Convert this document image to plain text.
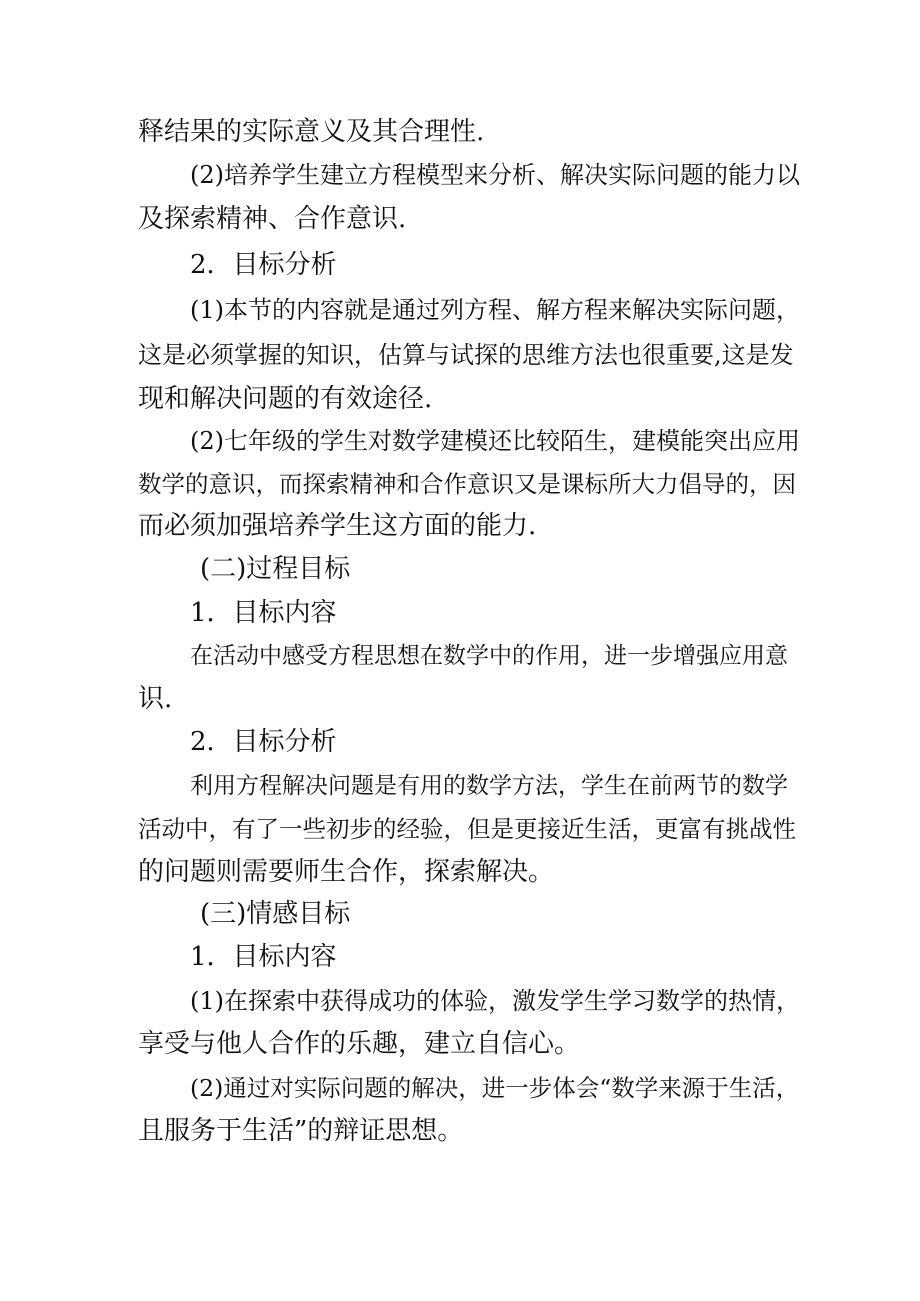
释结果的实际意义及其合理性.
(2)培养学生建立方程模型来分析、解决实际问题的能力以
及探索精神、合作意识.
2．目标分析
(1)本节的内容就是通过列方程、解方程来解决实际问题，
这是必须掌握的知识，估算与试探的思维方法也很重要,这是发
现和解决问题的有效途径.
(2)七年级的学生对数学建模还比较陌生，建模能突出应用
数学的意识，而探索精神和合作意识又是课标所大力倡导的，因
而必须加强培养学生这方面的能力.
(二)过程目标
1．目标内容
在活动中感受方程思想在数学中的作用，进一步增强应用意
识.
2．目标分析
利用方程解决问题是有用的数学方法，学生在前两节的数学
活动中，有了一些初步的经验，但是更接近生活，更富有挑战性
的问题则需要师生合作，探索解决。
(三)情感目标
1．目标内容
(1)在探索中获得成功的体验，激发学生学习数学的热情，
享受与他人合作的乐趣，建立自信心。
(2)通过对实际问题的解决，进一步体会“数学来源于生活，
且服务于生活”的辩证思想。
